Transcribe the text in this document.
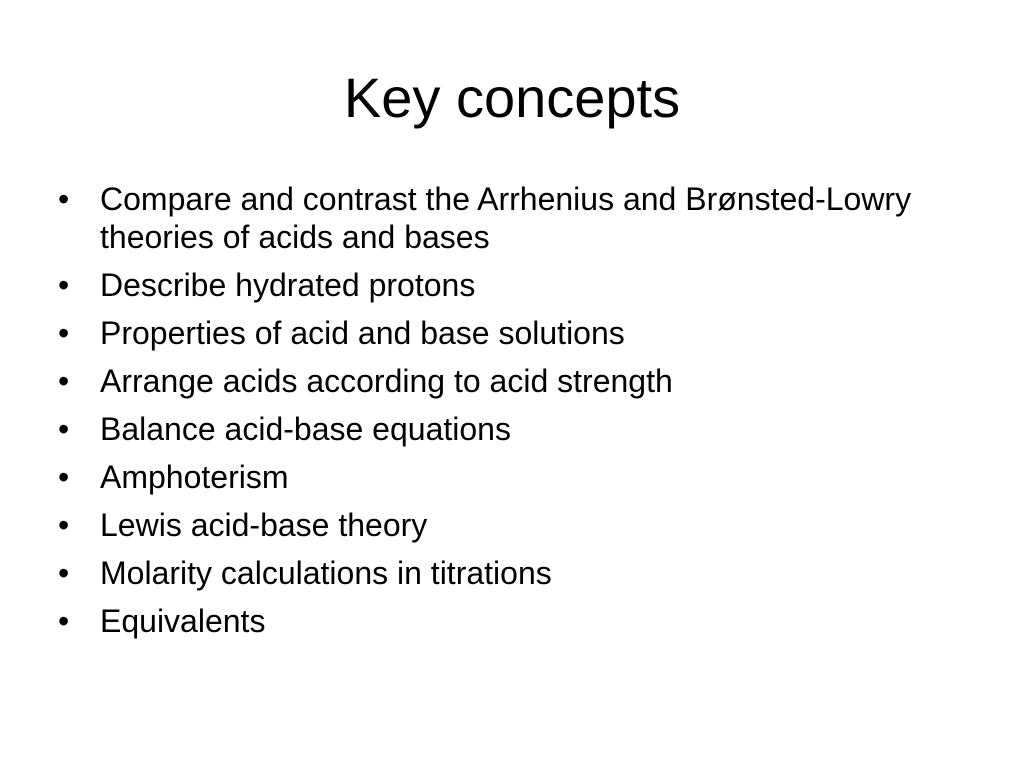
Key concepts
• Compare and contrast the Arrhenius and Brønsted-Lowry theories of acids and bases
• Describe hydrated protons
• Properties of acid and base solutions
• Arrange acids according to acid strength
• Balance acid-base equations
• Amphoterism
• Lewis acid-base theory
• Molarity calculations in titrations
• Equivalents
